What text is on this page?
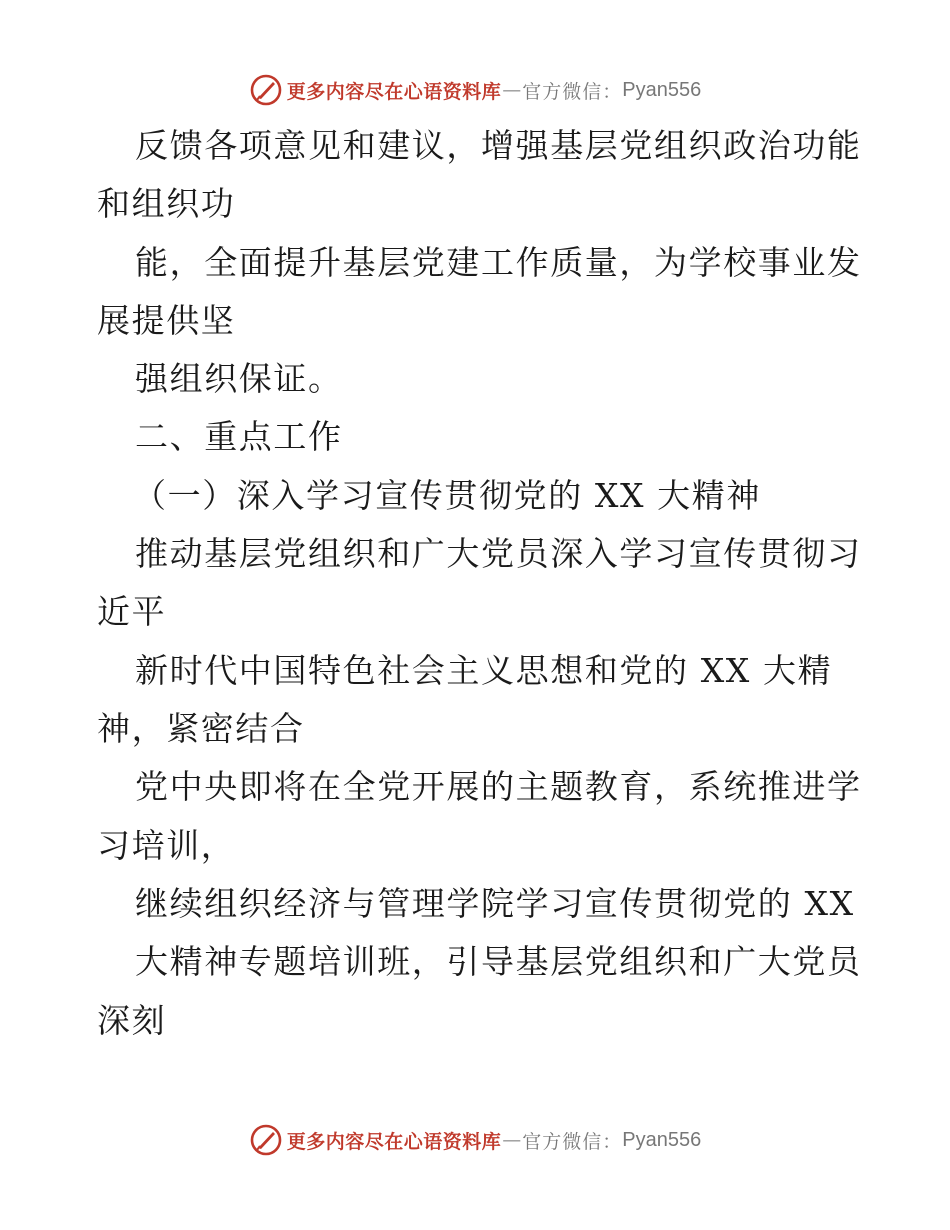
更多内容尽在心语资料库 — 官方微信： Pyan556
反馈各项意见和建议，增强基层党组织政治功能
和组织功
能，全面提升基层党建工作质量，为学校事业发
展提供坚
强组织保证。
二、重点工作
（一）深入学习宣传贯彻党的 XX 大精神
推动基层党组织和广大党员深入学习宣传贯彻习
近平
新时代中国特色社会主义思想和党的 XX 大精
神，紧密结合
党中央即将在全党开展的主题教育，系统推进学
习培训，
继续组织经济与管理学院学习宣传贯彻党的 XX
大精神专题培训班，引导基层党组织和广大党员
深刻
更多内容尽在心语资料库 — 官方微信： Pyan556
